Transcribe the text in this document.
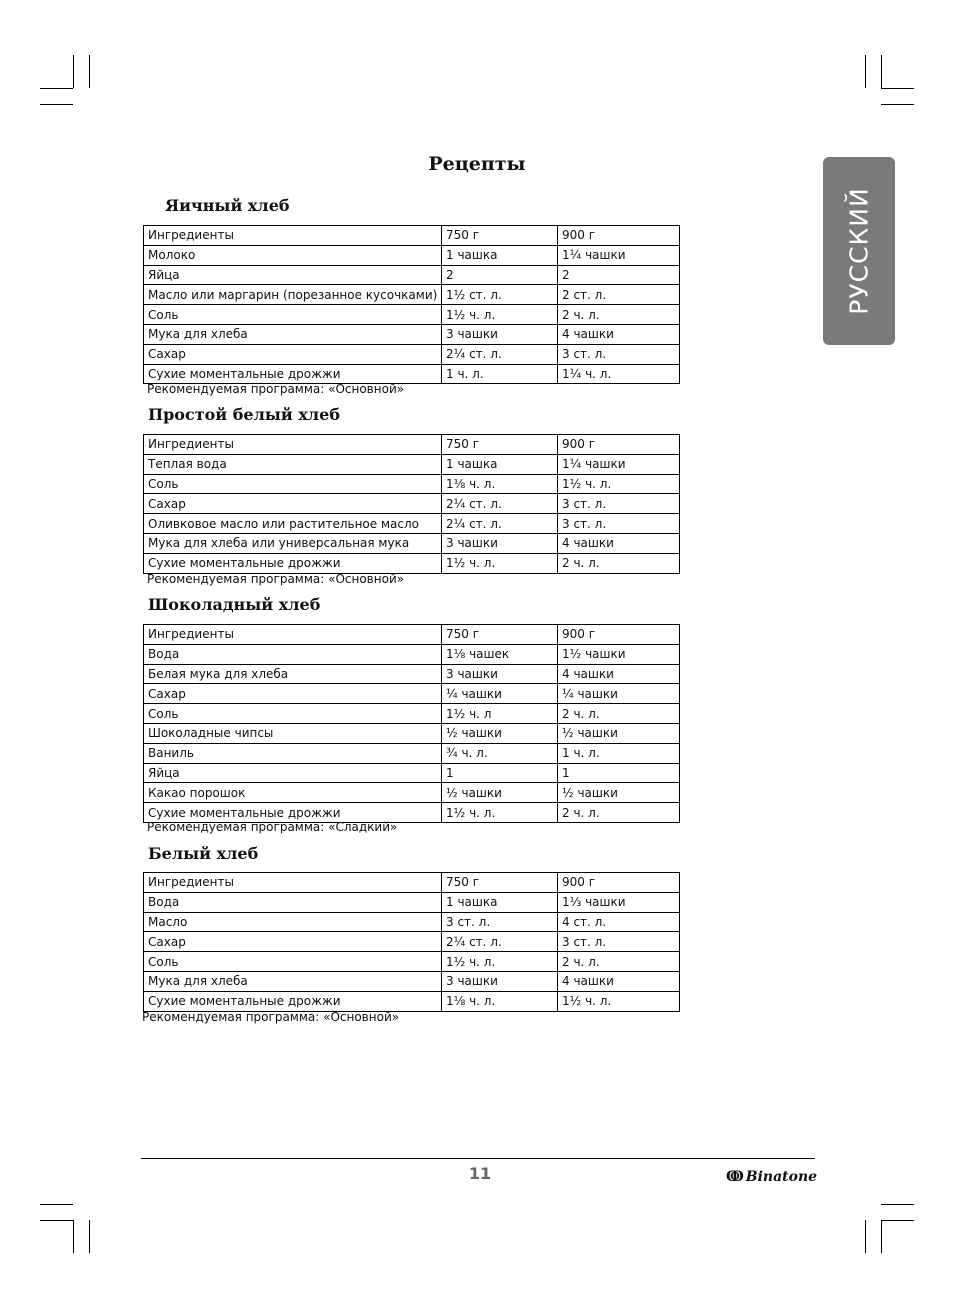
Рецепты
РУССКИЙ
Яичный хлеб
Ингредиенты	750 г	900 г
Молоко	1 чашка	1¼ чашки
Яйца	2	2
Масло или маргарин (порезанное кусочками)	1½ ст. л.	2 ст. л.
Соль	1½ ч. л.	2 ч. л.
Мука для хлеба	3 чашки	4 чашки
Сахар	2¼ ст. л.	3 ст. л.
Сухие моментальные дрожжи	1 ч. л.	1¼ ч. л.
Рекомендуемая программа: «Основной»
Простой белый хлеб
Ингредиенты	750 г	900 г
Теплая вода	1 чашка	1¼ чашки
Соль	1⅛ ч. л.	1½ ч. л.
Сахар	2¼ ст. л.	3 ст. л.
Оливковое масло или растительное масло	2¼ ст. л.	3 ст. л.
Мука для хлеба или универсальная мука	3 чашки	4 чашки
Сухие моментальные дрожжи	1½ ч. л.	2 ч. л.
Рекомендуемая программа: «Основной»
Шоколадный хлеб
Ингредиенты	750 г	900 г
Вода	1⅛ чашек	1½ чашки
Белая мука для хлеба	3 чашки	4 чашки
Сахар	¼ чашки	¼ чашки
Соль	1½ ч. л	2 ч. л.
Шоколадные чипсы	½ чашки	½ чашки
Ваниль	¾ ч. л.	1 ч. л.
Яйца	1	1
Какао порошок	½ чашки	½ чашки
Сухие моментальные дрожжи	1½ ч. л.	2 ч. л.
Рекомендуемая программа: «Сладкий»
Белый хлеб
Ингредиенты	750 г	900 г
Вода	1 чашка	1⅓ чашки
Масло	3 ст. л.	4 ст. л.
Сахар	2¼ ст. л.	3 ст. л.
Соль	1½ ч. л.	2 ч. л.
Мука для хлеба	3 чашки	4 чашки
Сухие моментальные дрожжи	1⅛ ч. л.	1½ ч. л.
Рекомендуемая программа: «Основной»
11	ↂ Binatone
